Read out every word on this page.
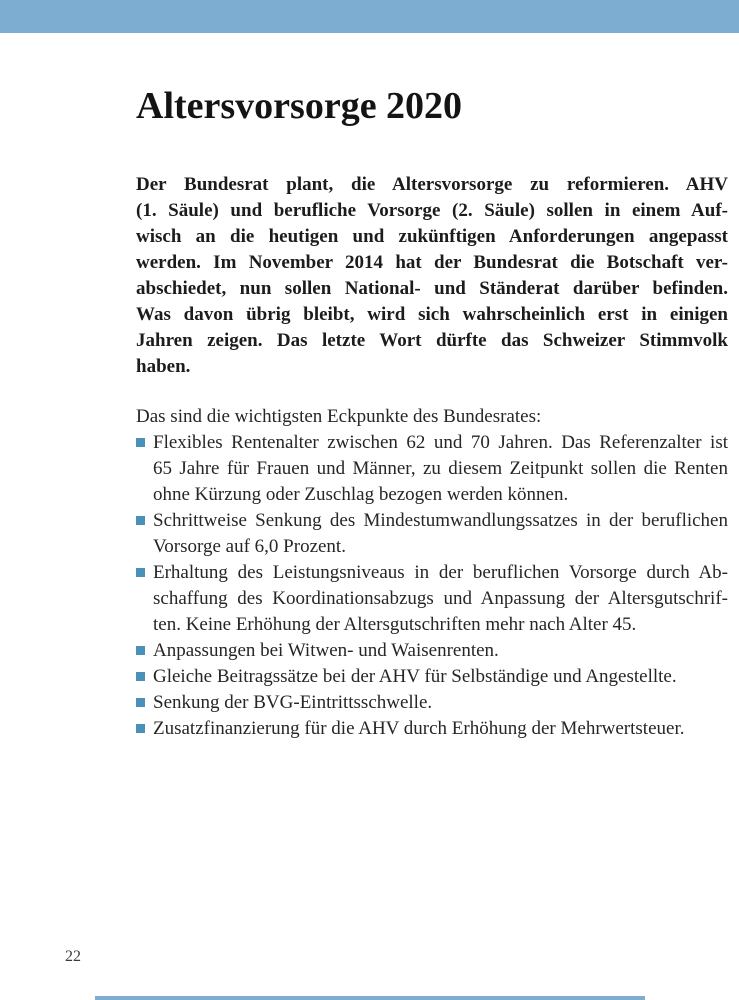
Altersvorsorge 2020
Der Bundesrat plant, die Altersvorsorge zu reformieren. AHV
(1. Säule) und berufliche Vorsorge (2. Säule) sollen in einem Auf-
wisch an die heutigen und zukünftigen Anforderungen angepasst
werden. Im November 2014 hat der Bundesrat die Botschaft ver-
abschiedet, nun sollen National- und Ständerat darüber befinden.
Was davon übrig bleibt, wird sich wahrscheinlich erst in einigen
Jahren zeigen. Das letzte Wort dürfte das Schweizer Stimmvolk
haben.
Das sind die wichtigsten Eckpunkte des Bundesrates:
Flexibles Rentenalter zwischen 62 und 70 Jahren. Das Referenzalter ist
65 Jahre für Frauen und Männer, zu diesem Zeitpunkt sollen die Renten
ohne Kürzung oder Zuschlag bezogen werden können.
Schrittweise Senkung des Mindestumwandlungssatzes in der beruflichen
Vorsorge auf 6,0 Prozent.
Erhaltung des Leistungsniveaus in der beruflichen Vorsorge durch Ab-
schaffung des Koordinationsabzugs und Anpassung der Altersgutschrif-
ten. Keine Erhöhung der Altersgutschriften mehr nach Alter 45.
Anpassungen bei Witwen- und Waisenrenten.
Gleiche Beitragssätze bei der AHV für Selbständige und Angestellte.
Senkung der BVG-Eintrittsschwelle.
Zusatzfinanzierung für die AHV durch Erhöhung der Mehrwertsteuer.
22
